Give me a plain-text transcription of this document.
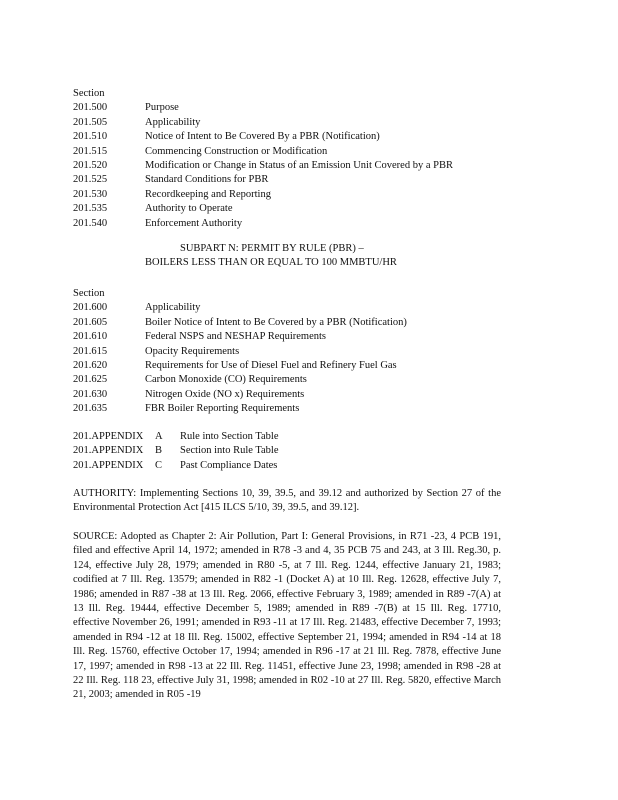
Section
201.500	Purpose
201.505	Applicability
201.510	Notice of Intent to Be Covered By a PBR (Notification)
201.515	Commencing Construction or Modification
201.520	Modification or Change in Status of an Emission Unit Covered by a PBR
201.525	Standard Conditions for PBR
201.530	Recordkeeping and Reporting
201.535	Authority to Operate
201.540	Enforcement Authority
SUBPART N: PERMIT BY RULE (PBR) –
BOILERS LESS THAN OR EQUAL TO 100 MMBTU/HR
Section
201.600	Applicability
201.605	Boiler Notice of Intent to Be Covered by a PBR (Notification)
201.610	Federal NSPS and NESHAP Requirements
201.615	Opacity Requirements
201.620	Requirements for Use of Diesel Fuel and Refinery Fuel Gas
201.625	Carbon Monoxide (CO) Requirements
201.630	Nitrogen Oxide (NO x) Requirements
201.635	FBR Boiler Reporting Requirements
201.APPENDIX A Rule into Section Table
201.APPENDIX B Section into Rule Table
201.APPENDIX C Past Compliance Dates

AUTHORITY: Implementing Sections 10, 39, 39.5, and 39.12 and authorized by Section 27 of the Environmental Protection Act [415 ILCS 5/10, 39, 39.5, and 39.12].

SOURCE: Adopted as Chapter 2: Air Pollution, Part I: General Provisions, in R71 -23, 4 PCB 191, filed and effective April 14, 1972; amended in R78 -3 and 4, 35 PCB 75 and 243, at 3 Ill. Reg.30, p. 124, effective July 28, 1979; amended in R80 -5, at 7 Ill. Reg. 1244, effective January 21, 1983; codified at 7 Ill. Reg. 13579; amended in R82 -1 (Docket A) at 10 Ill. Reg. 12628, effective July 7, 1986; amended in R87 -38 at 13 Ill. Reg. 2066, effective February 3, 1989; amended in R89 -7(A) at 13 Ill. Reg. 19444, effective December 5, 1989; amended in R89 -7(B) at 15 Ill. Reg. 17710, effective November 26, 1991; amended in R93 -11 at 17 Ill. Reg. 21483, effective December 7, 1993; amended in R94 -12 at 18 Ill. Reg. 15002, effective September 21, 1994; amended in R94 -14 at 18 Ill. Reg. 15760, effective October 17, 1994; amended in R96 -17 at 21 Ill. Reg. 7878, effective June 17, 1997; amended in R98 -13 at 22 Ill. Reg. 11451, effective June 23, 1998; amended in R98 -28 at 22 Ill. Reg. 118 23, effective July 31, 1998; amended in R02 -10 at 27 Ill. Reg. 5820, effective March 21, 2003; amended in R05 -19
